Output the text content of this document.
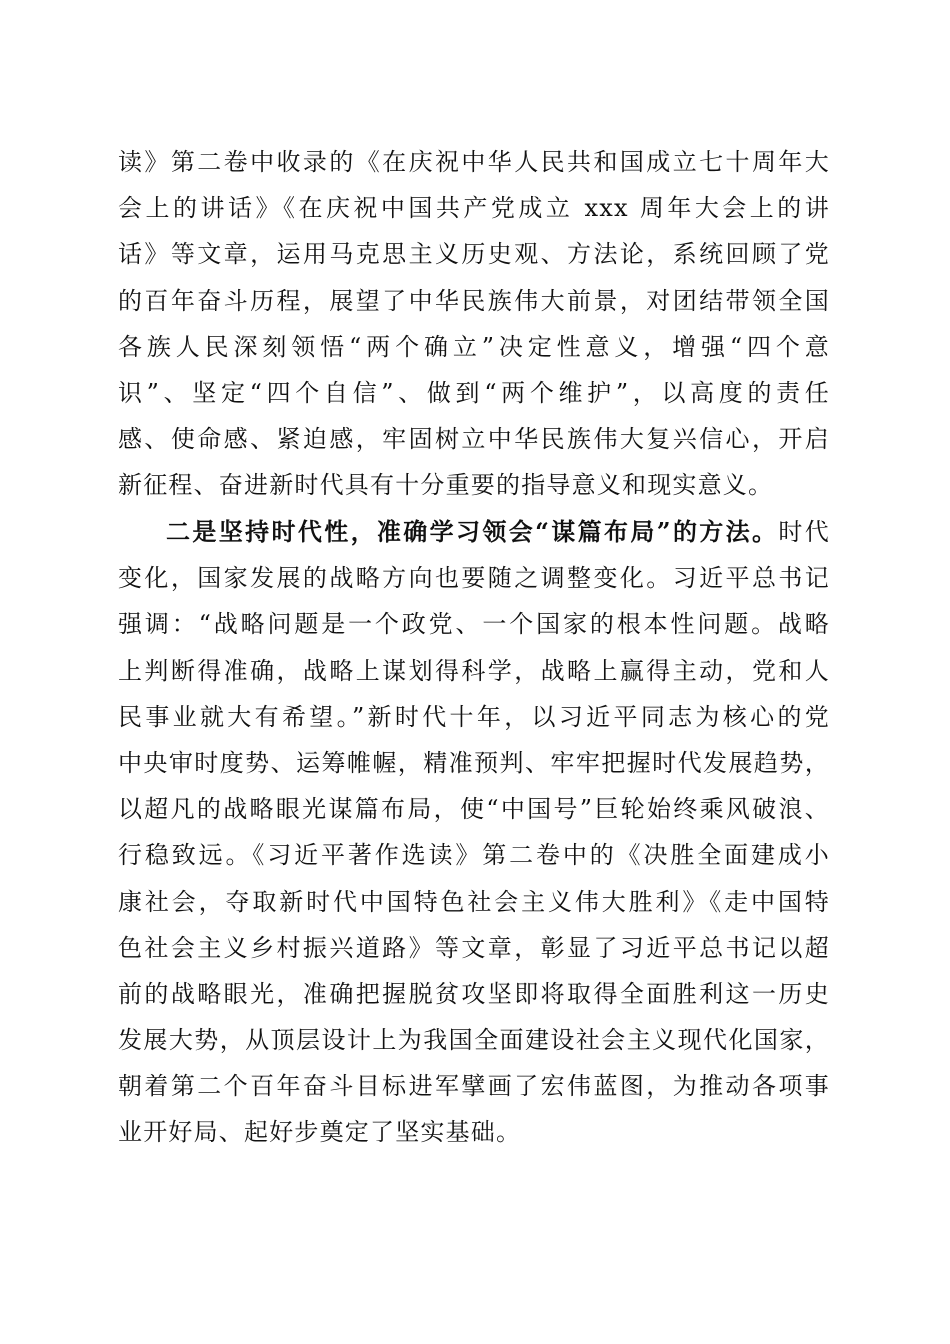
读》第二卷中收录的《在庆祝中华人民共和国成立七十周年大
会上的讲话》《在庆祝中国共产党成立 xxx 周年大会上的讲
话》等文章，运用马克思主义历史观、方法论，系统回顾了党
的百年奋斗历程，展望了中华民族伟大前景，对团结带领全国
各族人民深刻领悟“两个确立”决定性意义，增强“四个意
识”、坚定“四个自信”、做到“两个维护”，以高度的责任
感、使命感、紧迫感，牢固树立中华民族伟大复兴信心，开启
新征程、奋进新时代具有十分重要的指导意义和现实意义。
二是坚持时代性，准确学习领会“谋篇布局”的方法。时代
变化，国家发展的战略方向也要随之调整变化。习近平总书记
强调：“战略问题是一个政党、一个国家的根本性问题。战略
上判断得准确，战略上谋划得科学，战略上赢得主动，党和人
民事业就大有希望。”新时代十年，以习近平同志为核心的党
中央审时度势、运筹帷幄，精准预判、牢牢把握时代发展趋势，
以超凡的战略眼光谋篇布局，使“中国号”巨轮始终乘风破浪、
行稳致远。《习近平著作选读》第二卷中的《决胜全面建成小
康社会，夺取新时代中国特色社会主义伟大胜利》《走中国特
色社会主义乡村振兴道路》等文章，彰显了习近平总书记以超
前的战略眼光，准确把握脱贫攻坚即将取得全面胜利这一历史
发展大势，从顶层设计上为我国全面建设社会主义现代化国家，
朝着第二个百年奋斗目标进军擘画了宏伟蓝图，为推动各项事
业开好局、起好步奠定了坚实基础。
